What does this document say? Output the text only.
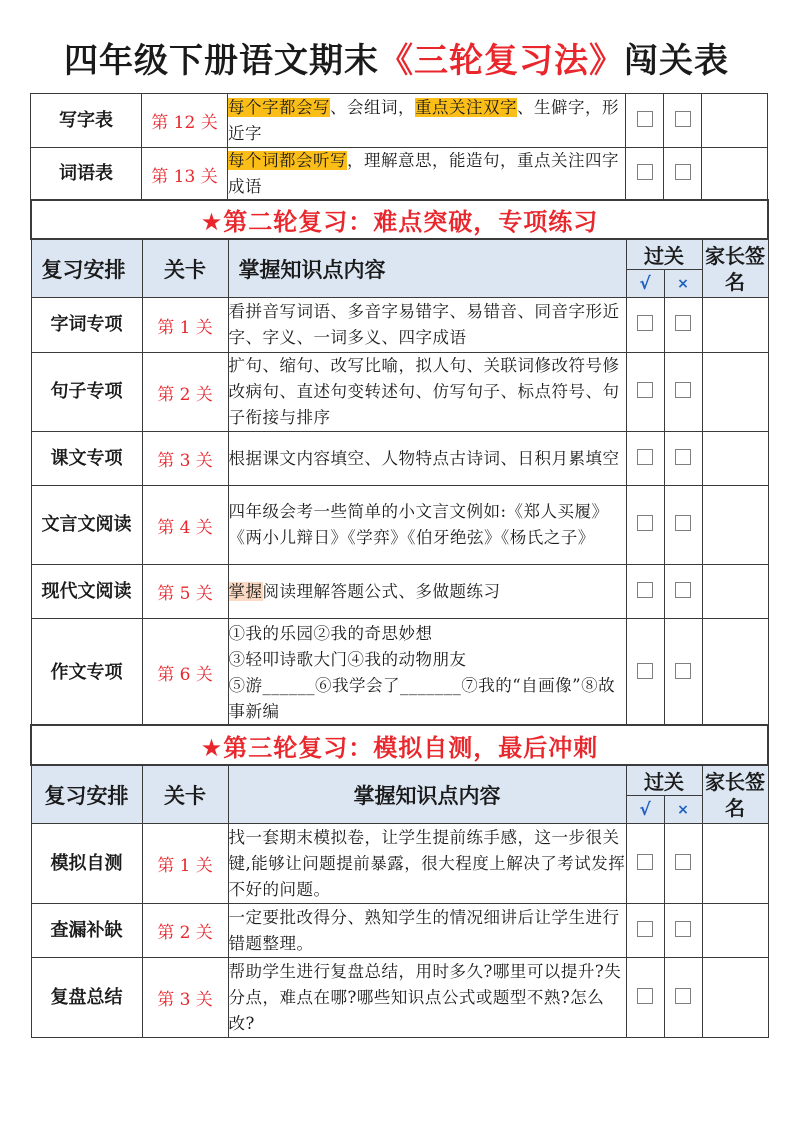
四年级下册语文期末《三轮复习法》闯关表
写字表	第 12 关	每个字都会写、会组词，重点关注双字、生僻字，形近字			
词语表	第 13 关	每个词都会听写，理解意思，能造句，重点关注四字成语			
★第二轮复习：难点突破，专项练习					
复习安排	关卡	掌握知识点内容	过关		家长签名
			√	×	
字词专项	第 1 关	看拼音写词语、多音字易错字、易错音、同音字形近字、字义、一词多义、四字成语			
句子专项	第 2 关	扩句、缩句、改写比喻，拟人句、关联词修改符号修改病句、直述句变转述句、仿写句子、标点符号、句子衔接与排序			
课文专项	第 3 关	根据课文内容填空、人物特点古诗词、日积月累填空			
文言文阅读	第 4 关	四年级会考一些简单的小文言文例如:《郑人买履》《两小儿辩日》《学弈》《伯牙绝弦》《杨氏之子》			
现代文阅读	第 5 关	掌握阅读理解答题公式、多做题练习			
作文专项	第 6 关	①我的乐园②我的奇思妙想
③轻叩诗歌大门④我的动物朋友
⑤游______⑥我学会了_______⑦我的“自画像”⑧故事新编			
★第三轮复习：模拟自测，最后冲刺					
复习安排	关卡	掌握知识点内容	过关		家长签名
			√	×	
模拟自测	第 1 关	找一套期末模拟卷，让学生提前练手感，这一步很关键,能够让问题提前暴露，很大程度上解决了考试发挥不好的问题。			
查漏补缺	第 2 关	一定要批改得分、熟知学生的情况细讲后让学生进行错题整理。			
复盘总结	第 3 关	帮助学生进行复盘总结，用时多久?哪里可以提升?失分点，难点在哪?哪些知识点公式或题型不熟?怎么改?			
